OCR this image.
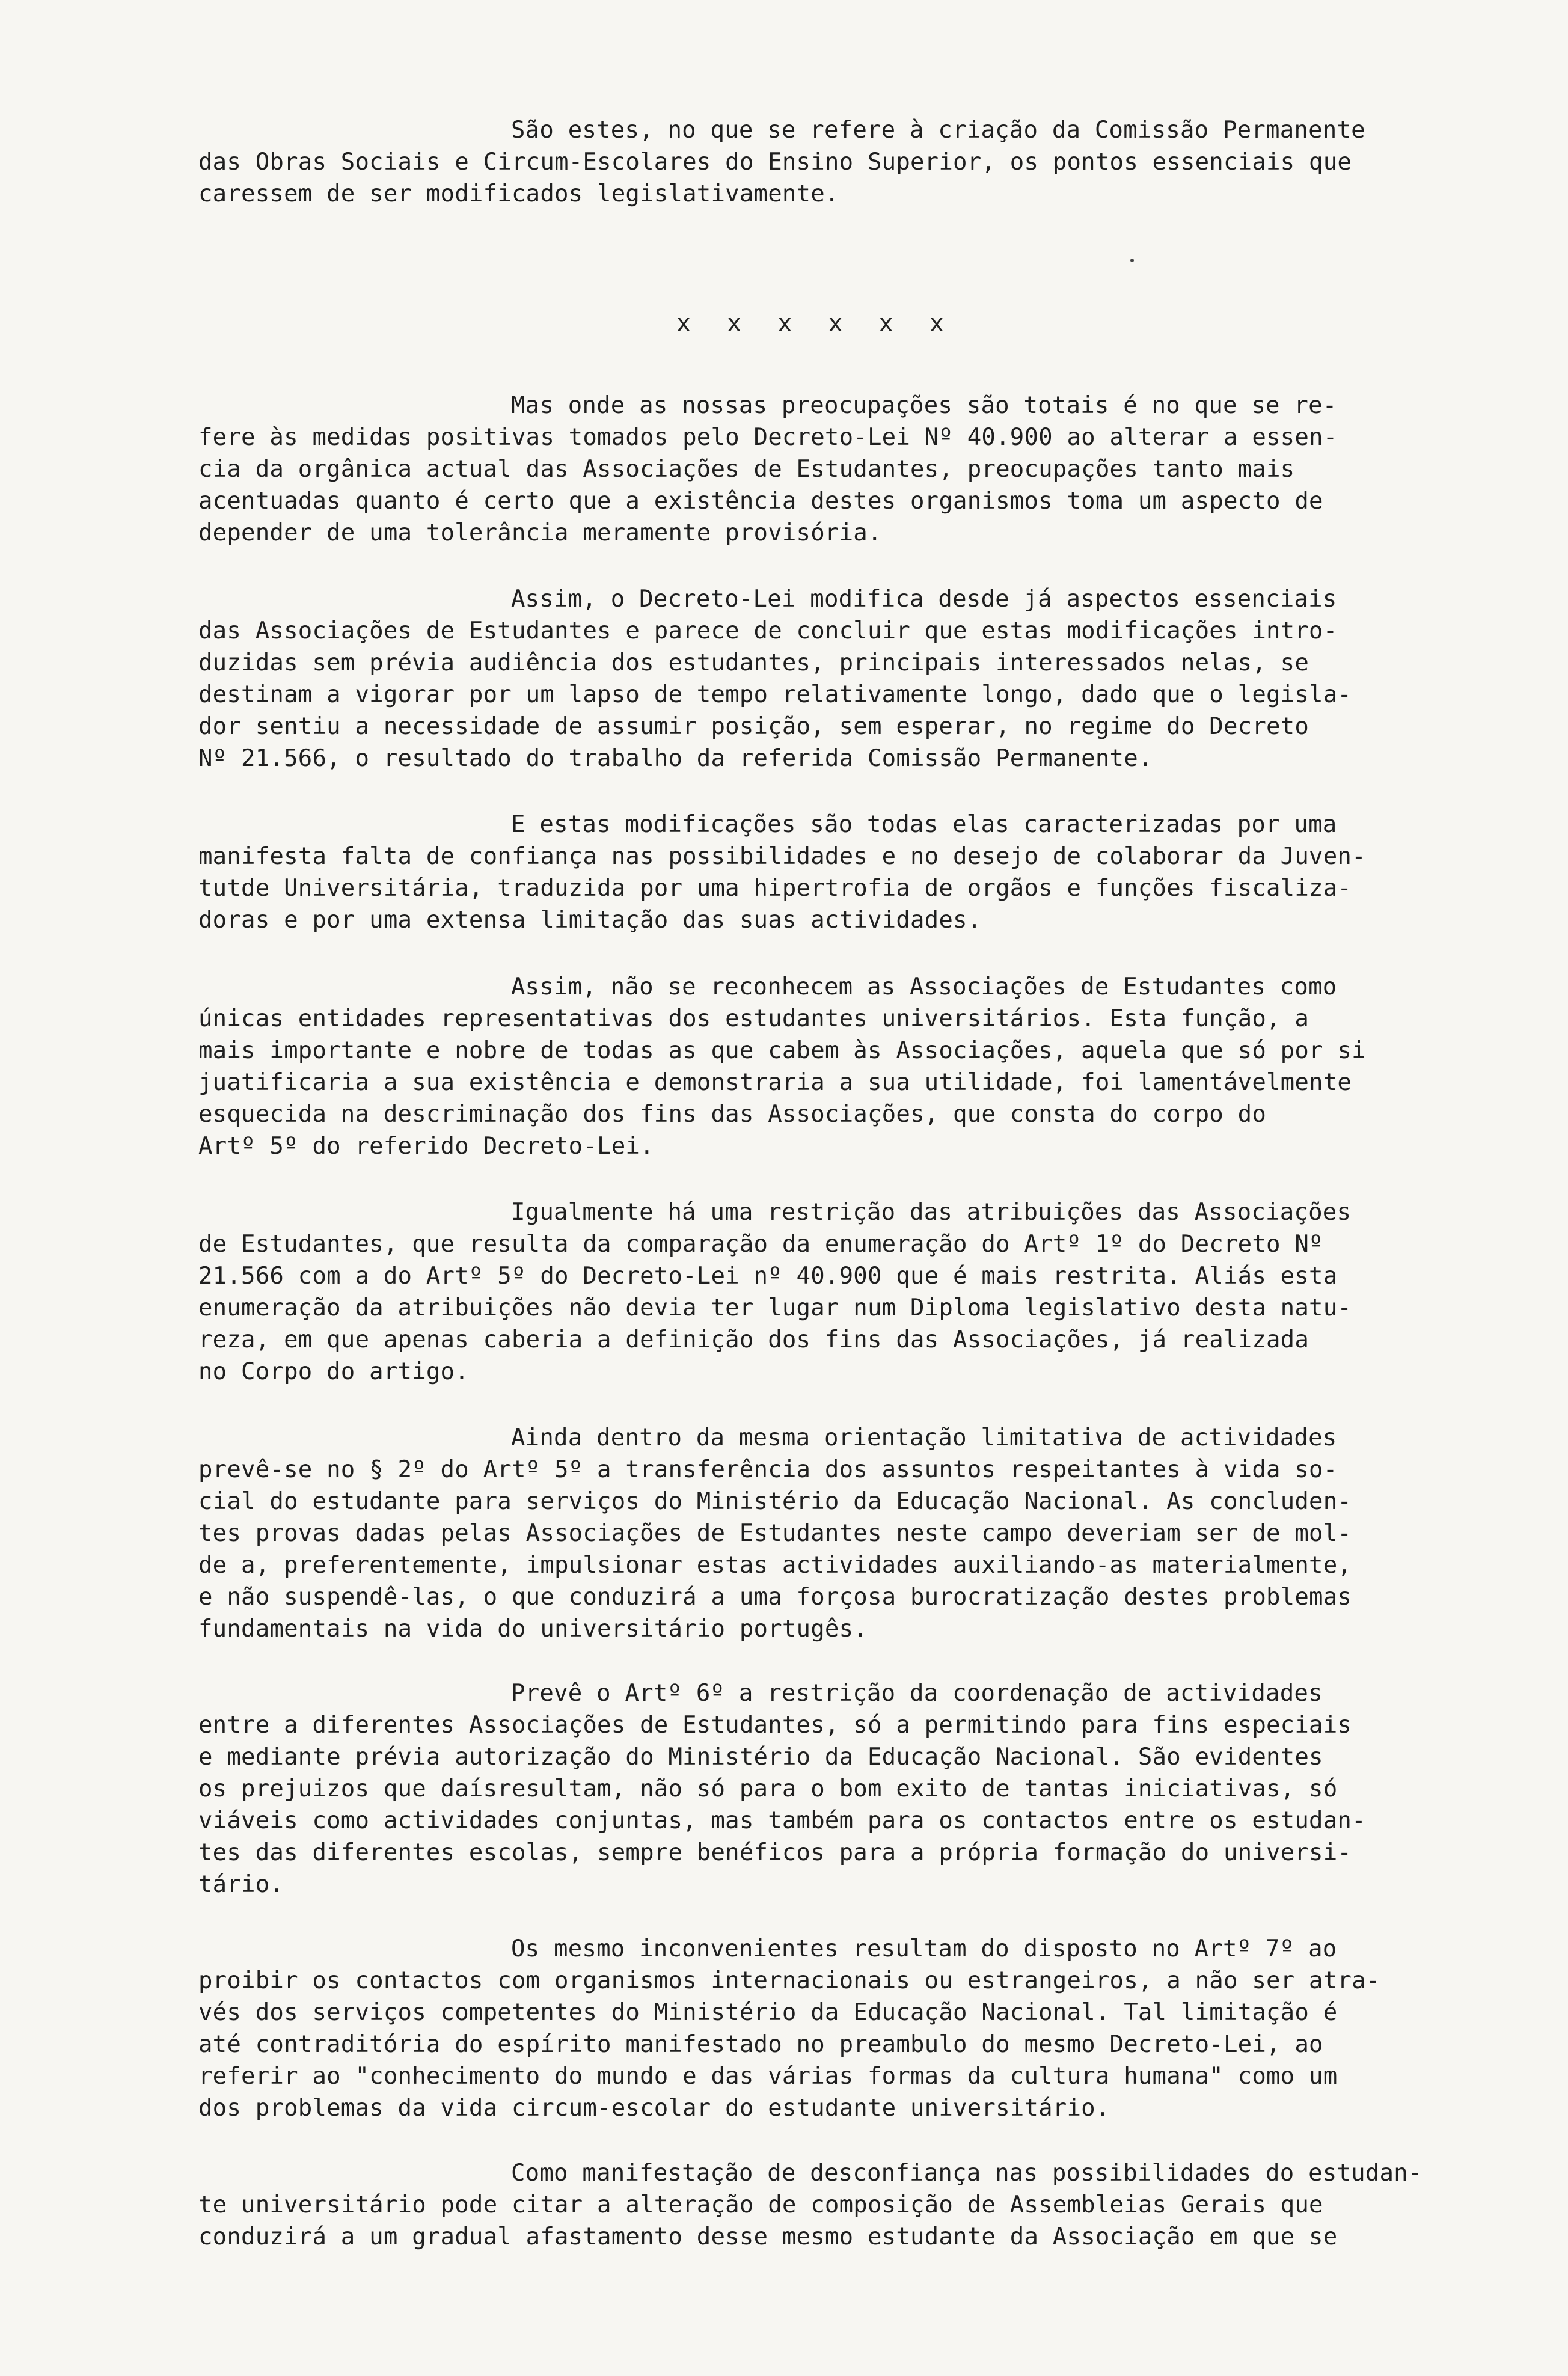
São estes, no que se refere à criação da Comissão Permanente
das Obras Sociais e Circum-Escolares do Ensino Superior, os pontos essenciais que
caressem de ser modificados legislativamente.
x x x x x x
Mas onde as nossas preocupações são totais é no que se re-
fere às medidas positivas tomados pelo Decreto-Lei Nº 40.900 ao alterar a essen-
cia da orgânica actual das Associações de Estudantes, preocupações tanto mais
acentuadas quanto é certo que a existência destes organismos toma um aspecto de
depender de uma tolerância meramente provisória.
Assim, o Decreto-Lei modifica desde já aspectos essenciais
das Associações de Estudantes e parece de concluir que estas modificações intro-
duzidas sem prévia audiência dos estudantes, principais interessados nelas, se
destinam a vigorar por um lapso de tempo relativamente longo, dado que o legisla-
dor sentiu a necessidade de assumir posição, sem esperar, no regime do Decreto
Nº 21.566, o resultado do trabalho da referida Comissão Permanente.
E estas modificações são todas elas caracterizadas por uma
manifesta falta de confiança nas possibilidades e no desejo de colaborar da Juven-
tutde Universitária, traduzida por uma hipertrofia de orgãos e funções fiscaliza-
doras e por uma extensa limitação das suas actividades.
Assim, não se reconhecem as Associações de Estudantes como
únicas entidades representativas dos estudantes universitários. Esta função, a
mais importante e nobre de todas as que cabem às Associações, aquela que só por si
juatificaria a sua existência e demonstraria a sua utilidade, foi lamentávelmente
esquecida na descriminação dos fins das Associações, que consta do corpo do
Artº 5º do referido Decreto-Lei.
Igualmente há uma restrição das atribuições das Associações
de Estudantes, que resulta da comparação da enumeração do Artº 1º do Decreto Nº
21.566 com a do Artº 5º do Decreto-Lei nº 40.900 que é mais restrita. Aliás esta
enumeração da atribuições não devia ter lugar num Diploma legislativo desta natu-
reza, em que apenas caberia a definição dos fins das Associações, já realizada
no Corpo do artigo.
Ainda dentro da mesma orientação limitativa de actividades
prevê-se no § 2º do Artº 5º a transferência dos assuntos respeitantes à vida so-
cial do estudante para serviços do Ministério da Educação Nacional. As concluden-
tes provas dadas pelas Associações de Estudantes neste campo deveriam ser de mol-
de a, preferentemente, impulsionar estas actividades auxiliando-as materialmente,
e não suspendê-las, o que conduzirá a uma forçosa burocratização destes problemas
fundamentais na vida do universitário portugês.
Prevê o Artº 6º a restrição da coordenação de actividades
entre a diferentes Associações de Estudantes, só a permitindo para fins especiais
e mediante prévia autorização do Ministério da Educação Nacional. São evidentes
os prejuizos que daísresultam, não só para o bom exito de tantas iniciativas, só
viáveis como actividades conjuntas, mas também para os contactos entre os estudan-
tes das diferentes escolas, sempre benéficos para a própria formação do universi-
tário.
Os mesmo inconvenientes resultam do disposto no Artº 7º ao
proibir os contactos com organismos internacionais ou estrangeiros, a não ser atra-
vés dos serviços competentes do Ministério da Educação Nacional. Tal limitação é
até contraditória do espírito manifestado no preambulo do mesmo Decreto-Lei, ao
referir ao "conhecimento do mundo e das várias formas da cultura humana" como um
dos problemas da vida circum-escolar do estudante universitário.
Como manifestação de desconfiança nas possibilidades do estudan-
te universitário pode citar a alteração de composição de Assembleias Gerais que
conduzirá a um gradual afastamento desse mesmo estudante da Associação em que se
